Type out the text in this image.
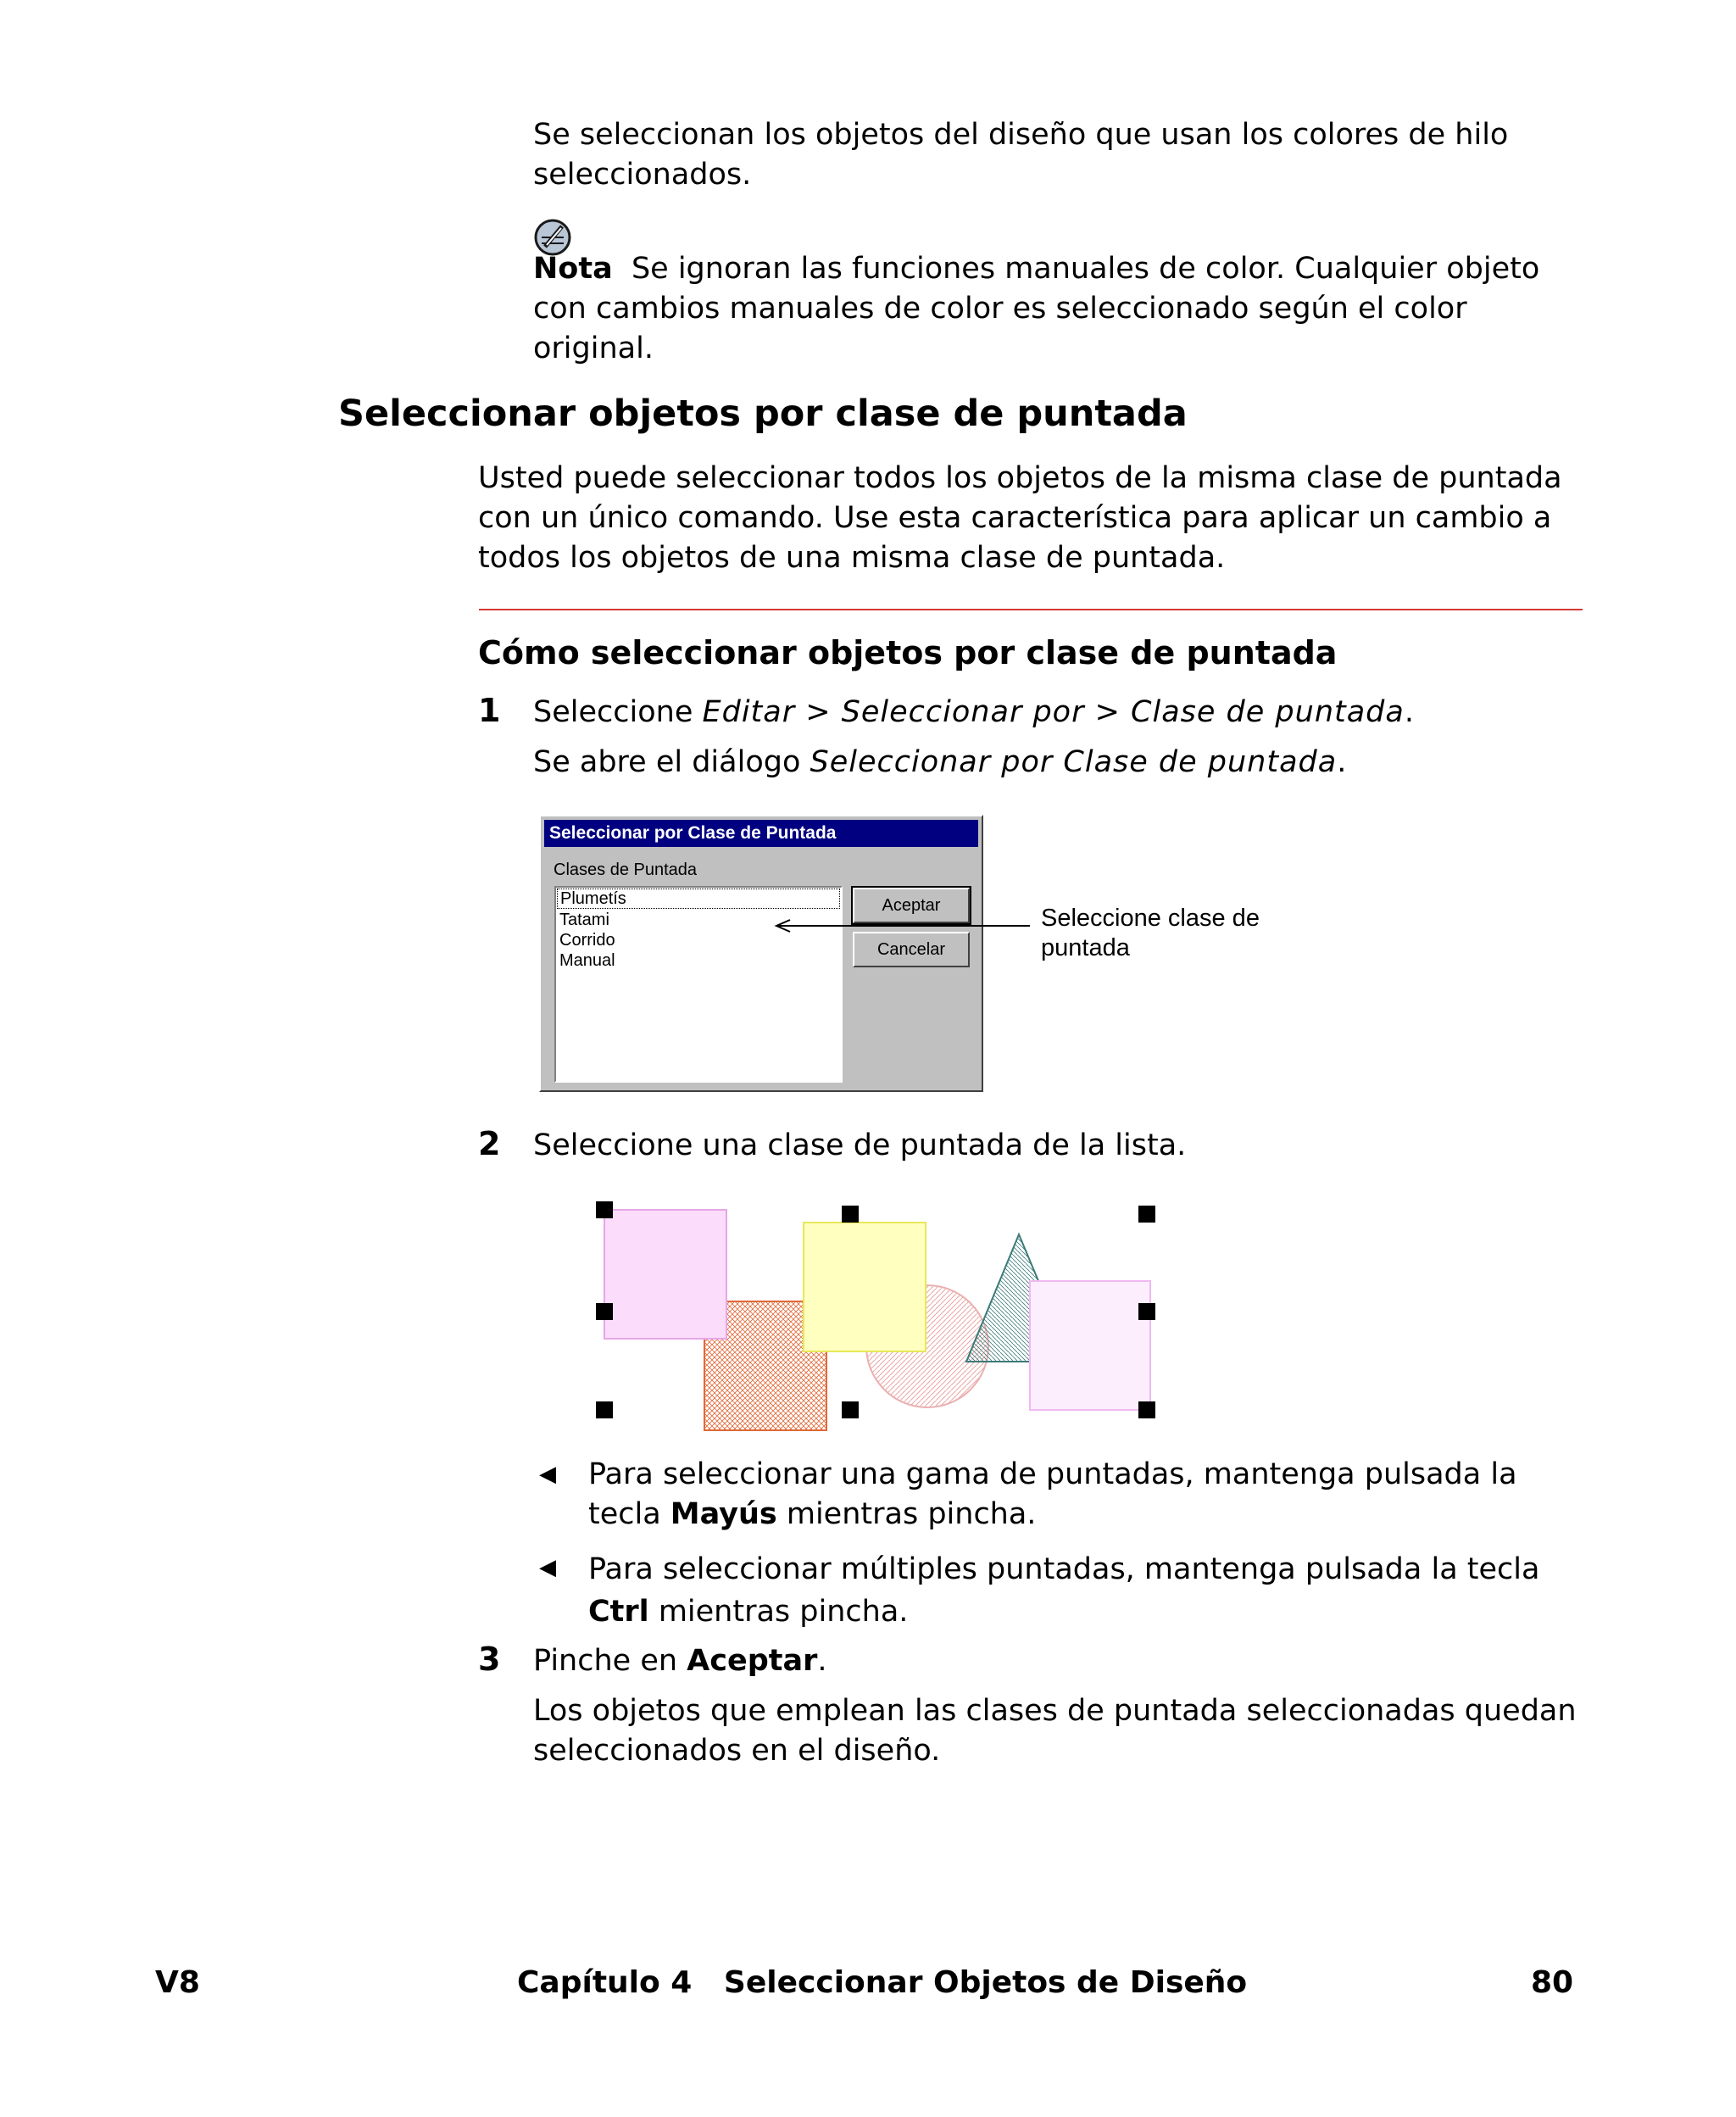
Se seleccionan los objetos del diseño que usan los colores de hilo seleccionados.

Nota Se ignoran las funciones manuales de color. Cualquier objeto con cambios manuales de color es seleccionado según el color original.

Seleccionar objetos por clase de puntada

Usted puede seleccionar todos los objetos de la misma clase de puntada con un único comando. Use esta característica para aplicar un cambio a todos los objetos de una misma clase de puntada.

Cómo seleccionar objetos por clase de puntada
1 Seleccione Editar > Seleccionar por > Clase de puntada.

Se abre el diálogo Seleccionar por Clase de puntada.

Seleccionar por Clase de Puntada
Clases de Puntada
Plumetís
Tatami
Corrido
Manual
Aceptar
Cancelar
Seleccione clase de puntada
2 Seleccione una clase de puntada de la lista.

◀ Para seleccionar una gama de puntadas, mantenga pulsada la tecla Mayús mientras pincha.

◀ Para seleccionar múltiples puntadas, mantenga pulsada la tecla Ctrl mientras pincha.

3 Pinche en Aceptar.

Los objetos que emplean las clases de puntada seleccionadas quedan seleccionados en el diseño.

V8	Capítulo 4   Seleccionar Objetos de Diseño	80
